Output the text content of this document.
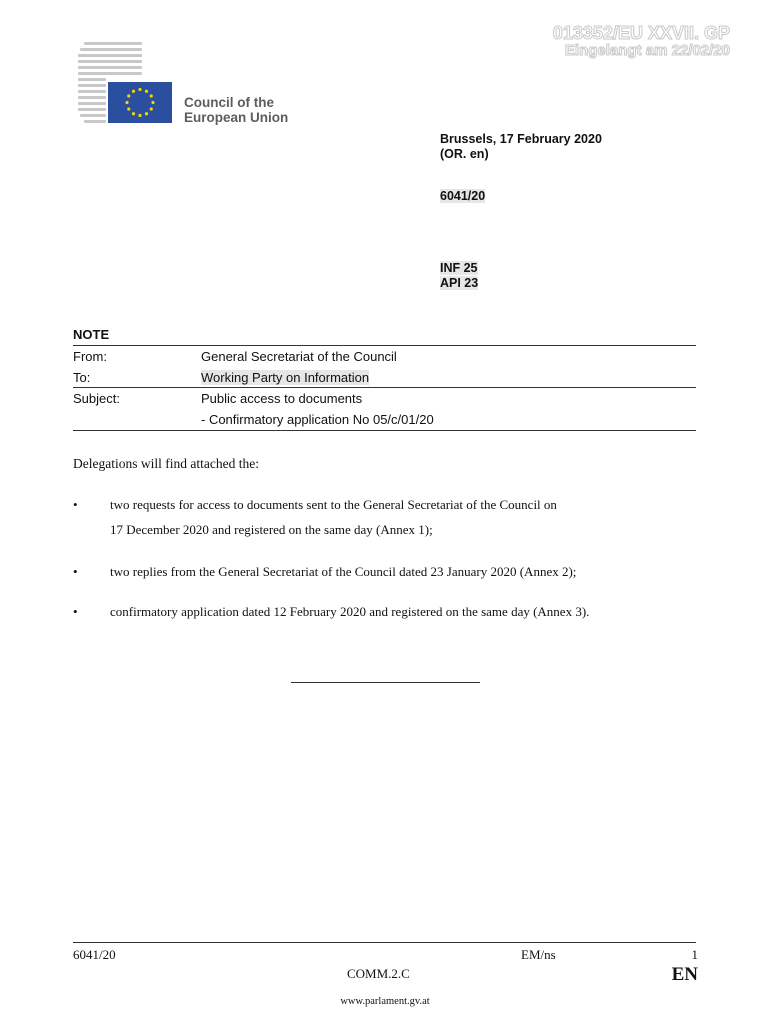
013352/EU XXVII. GP
Eingelangt am 22/02/20
Council of the
European Union
Brussels, 17 February 2020
(OR. en)
6041/20
INF 25
API 23
NOTE
From:	General Secretariat of the Council
To:	Working Party on Information
Subject:	Public access to documents
- Confirmatory application No 05/c/01/20
Delegations will find attached the:
• two requests for access to documents sent to the General Secretariat of the Council on
17 December 2020 and registered on the same day (Annex 1);
• two replies from the General Secretariat of the Council dated 23 January 2020 (Annex 2);
• confirmatory application dated 12 February 2020 and registered on the same day (Annex 3).
6041/20	EM/ns	1
COMM.2.C	EN
www.parlament.gv.at
